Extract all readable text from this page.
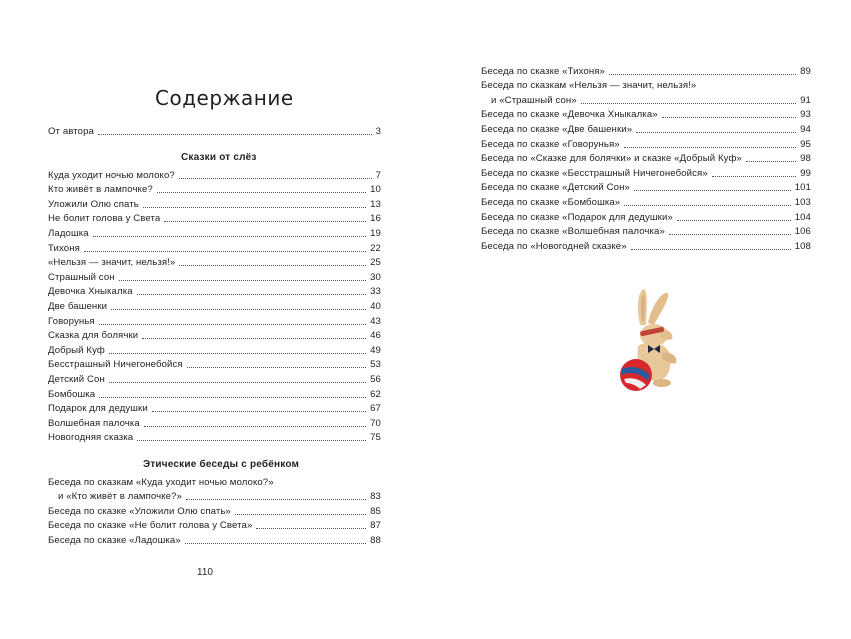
Содержание
От автора	3
Сказки от слёз
Куда уходит ночью молоко?	7
Кто живёт в лампочке?	10
Уложили Олю спать	13
Не болит голова у Света	16
Ладошка	19
Тихоня	22
«Нельзя — значит, нельзя!»	25
Страшный сон	30
Девочка Хныкалка	33
Две башенки	40
Говорунья	43
Сказка для болячки	46
Добрый Куф	49
Бесстрашный Ничегонебойся	53
Детский Сон	56
Бомбошка	62
Подарок для дедушки	67
Волшебная палочка	70
Новогодняя сказка	75
Этические беседы с ребёнком
Беседа по сказкам «Куда уходит ночью молоко?»
и «Кто живёт в лампочке?»	83
Беседа по сказке «Уложили Олю спать»	85
Беседа по сказке «Не болит голова у Света»	87
Беседа по сказке «Ладошка»	88
110
Беседа по сказке «Тихоня»	89
Беседа по сказкам «Нельзя — значит, нельзя!»
и «Страшный сон»	91
Беседа по сказке «Девочка Хныкалка»	93
Беседа по сказке «Две башенки»	94
Беседа по сказке «Говорунья»	95
Беседа по «Сказке для болячки» и сказке «Добрый Куф»	98
Беседа по сказке «Бесстрашный Ничегонебойся»	99
Беседа по сказке «Детский Сон»	101
Беседа по сказке «Бомбошка»	103
Беседа по сказке «Подарок для дедушки»	104
Беседа по сказке «Волшебная палочка»	106
Беседа по «Новогодней сказке»	108
